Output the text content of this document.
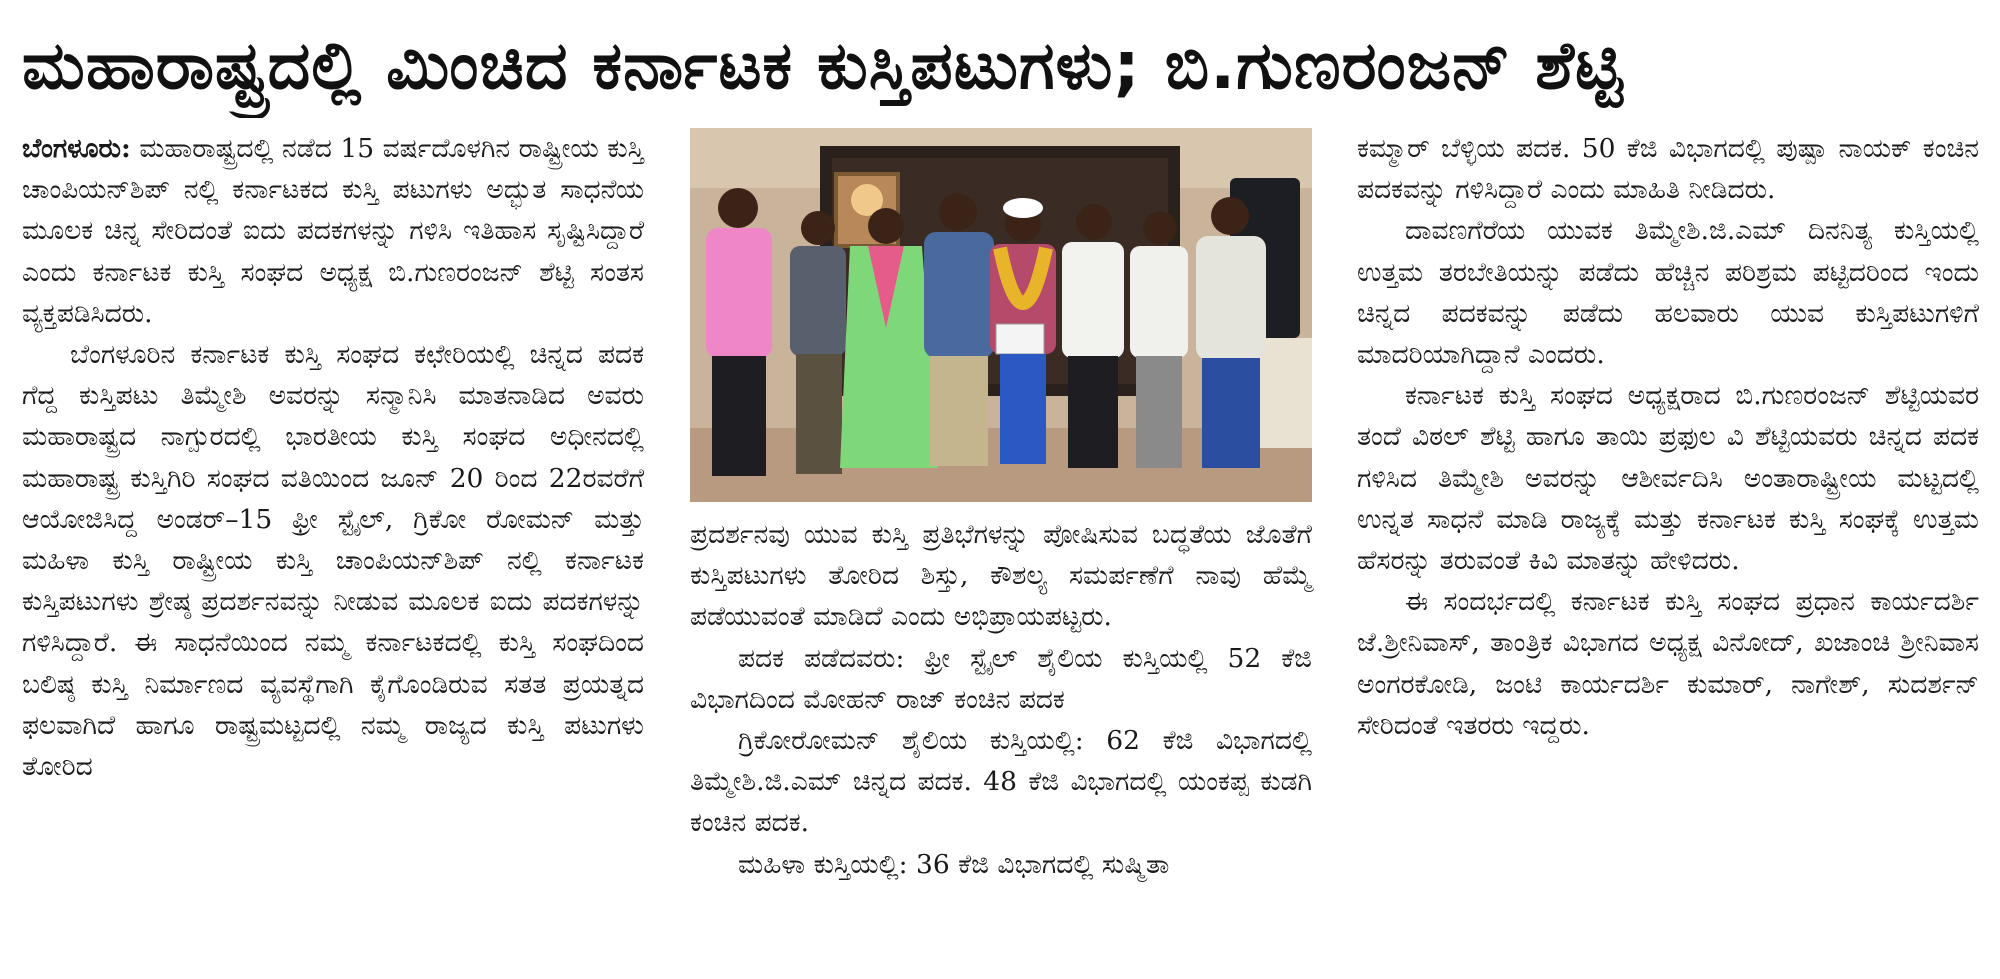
ಮಹಾರಾಷ್ಟ್ರದಲ್ಲಿ ಮಿಂಚಿದ ಕರ್ನಾಟಕ ಕುಸ್ತಿಪಟುಗಳು; ಬಿ.ಗುಣರಂಜನ್ ಶೆಟ್ಟಿ

ಬೆಂಗಳೂರು: ಮಹಾರಾಷ್ಟ್ರದಲ್ಲಿ ನಡೆದ 15 ವರ್ಷದೊಳಗಿನ ರಾಷ್ಟ್ರೀಯ ಕುಸ್ತಿ ಚಾಂಪಿಯನ್‌ಶಿಪ್ ನಲ್ಲಿ ಕರ್ನಾಟಕದ ಕುಸ್ತಿ ಪಟುಗಳು ಅದ್ಭುತ ಸಾಧನೆಯ ಮೂಲಕ ಚಿನ್ನ ಸೇರಿದಂತೆ ಐದು ಪದಕಗಳನ್ನು ಗಳಿಸಿ ಇತಿಹಾಸ ಸೃಷ್ಟಿಸಿದ್ದಾರೆ ಎಂದು ಕರ್ನಾಟಕ ಕುಸ್ತಿ ಸಂಘದ ಅಧ್ಯಕ್ಷ ಬಿ.ಗುಣರಂಜನ್ ಶೆಟ್ಟಿ ಸಂತಸ ವ್ಯಕ್ತಪಡಿಸಿದರು.

ಬೆಂಗಳೂರಿನ ಕರ್ನಾಟಕ ಕುಸ್ತಿ ಸಂಘದ ಕಛೇರಿಯಲ್ಲಿ ಚಿನ್ನದ ಪದಕ ಗೆದ್ದ ಕುಸ್ತಿಪಟು ತಿಮ್ಮೇಶಿ ಅವರನ್ನು ಸನ್ಮಾನಿಸಿ ಮಾತನಾಡಿದ ಅವರು ಮಹಾರಾಷ್ಟ್ರದ ನಾಗ್ಪುರದಲ್ಲಿ ಭಾರತೀಯ ಕುಸ್ತಿ ಸಂಘದ ಅಧೀನದಲ್ಲಿ ಮಹಾರಾಷ್ಟ್ರ ಕುಸ್ತಿಗಿರಿ ಸಂಘದ ವತಿಯಿಂದ ಜೂನ್ 20 ರಿಂದ 22ರವರೆಗೆ ಆಯೋಜಿಸಿದ್ದ ಅಂಡರ್–15 ಫ್ರೀ ಸ್ಟೈಲ್, ಗ್ರಿಕೋ ರೋಮನ್ ಮತ್ತು ಮಹಿಳಾ ಕುಸ್ತಿ ರಾಷ್ಟ್ರೀಯ ಕುಸ್ತಿ ಚಾಂಪಿಯನ್‌ಶಿಪ್ ನಲ್ಲಿ ಕರ್ನಾಟಕ ಕುಸ್ತಿಪಟುಗಳು ಶ್ರೇಷ್ಠ ಪ್ರದರ್ಶನವನ್ನು ನೀಡುವ ಮೂಲಕ ಐದು ಪದಕಗಳನ್ನು ಗಳಿಸಿದ್ದಾರೆ. ಈ ಸಾಧನೆಯಿಂದ ನಮ್ಮ ಕರ್ನಾಟಕದಲ್ಲಿ ಕುಸ್ತಿ ಸಂಘದಿಂದ ಬಲಿಷ್ಠ ಕುಸ್ತಿ ನಿರ್ಮಾಣದ ವ್ಯವಸ್ಥೆಗಾಗಿ ಕೈಗೊಂಡಿರುವ ಸತತ ಪ್ರಯತ್ನದ ಫಲವಾಗಿದೆ ಹಾಗೂ ರಾಷ್ಟ್ರಮಟ್ಟದಲ್ಲಿ ನಮ್ಮ ರಾಜ್ಯದ ಕುಸ್ತಿ ಪಟುಗಳು ತೋರಿದ

ಪ್ರದರ್ಶನವು ಯುವ ಕುಸ್ತಿ ಪ್ರತಿಭೆಗಳನ್ನು ಪೋಷಿಸುವ ಬದ್ಧತೆಯ ಜೊತೆಗೆ ಕುಸ್ತಿಪಟುಗಳು ತೋರಿದ ಶಿಸ್ತು, ಕೌಶಲ್ಯ ಸಮರ್ಪಣೆಗೆ ನಾವು ಹೆಮ್ಮೆ ಪಡೆಯುವಂತೆ ಮಾಡಿದೆ ಎಂದು ಅಭಿಪ್ರಾಯಪಟ್ಟರು.

ಪದಕ ಪಡೆದವರು: ಫ್ರೀ ಸ್ಟೈಲ್ ಶೈಲಿಯ ಕುಸ್ತಿಯಲ್ಲಿ 52 ಕೆಜಿ ವಿಭಾಗದಿಂದ ಮೋಹನ್ ರಾಜ್ ಕಂಚಿನ ಪದಕ

ಗ್ರಿಕೋರೋಮನ್ ಶೈಲಿಯ ಕುಸ್ತಿಯಲ್ಲಿ: 62 ಕೆಜಿ ವಿಭಾಗದಲ್ಲಿ ತಿಮ್ಮೇಶಿ.ಜಿ.ಎಮ್ ಚಿನ್ನದ ಪದಕ. 48 ಕೆಜಿ ವಿಭಾಗದಲ್ಲಿ ಯಂಕಪ್ಪ ಕುಡಗಿ ಕಂಚಿನ ಪದಕ.

ಮಹಿಳಾ ಕುಸ್ತಿಯಲ್ಲಿ: 36 ಕೆಜಿ ವಿಭಾಗದಲ್ಲಿ ಸುಷ್ಮಿತಾ

ಕಮ್ಮಾರ್ ಬೆಳ್ಳಿಯ ಪದಕ. 50 ಕೆಜಿ ವಿಭಾಗದಲ್ಲಿ ಪುಷ್ಪಾ ನಾಯಕ್ ಕಂಚಿನ ಪದಕವನ್ನು ಗಳಿಸಿದ್ದಾರೆ ಎಂದು ಮಾಹಿತಿ ನೀಡಿದರು.

ದಾವಣಗೆರೆಯ ಯುವಕ ತಿಮ್ಮೇಶಿ.ಜಿ.ಎಮ್ ದಿನನಿತ್ಯ ಕುಸ್ತಿಯಲ್ಲಿ ಉತ್ತಮ ತರಬೇತಿಯನ್ನು ಪಡೆದು ಹೆಚ್ಚಿನ ಪರಿಶ್ರಮ ಪಟ್ಟಿದರಿಂದ ಇಂದು ಚಿನ್ನದ ಪದಕವನ್ನು ಪಡೆದು ಹಲವಾರು ಯುವ ಕುಸ್ತಿಪಟುಗಳಿಗೆ ಮಾದರಿಯಾಗಿದ್ದಾನೆ ಎಂದರು.

ಕರ್ನಾಟಕ ಕುಸ್ತಿ ಸಂಘದ ಅಧ್ಯಕ್ಷರಾದ ಬಿ.ಗುಣರಂಜನ್ ಶೆಟ್ಟಿಯವರ ತಂದೆ ವಿಠಲ್ ಶೆಟ್ಟಿ ಹಾಗೂ ತಾಯಿ ಪ್ರಫುಲ ವಿ ಶೆಟ್ಟಿಯವರು ಚಿನ್ನದ ಪದಕ ಗಳಿಸಿದ ತಿಮ್ಮೇಶಿ ಅವರನ್ನು ಆಶೀರ್ವದಿಸಿ ಅಂತಾರಾಷ್ಟ್ರೀಯ ಮಟ್ಟದಲ್ಲಿ ಉನ್ನತ ಸಾಧನೆ ಮಾಡಿ ರಾಜ್ಯಕ್ಕೆ ಮತ್ತು ಕರ್ನಾಟಕ ಕುಸ್ತಿ ಸಂಘಕ್ಕೆ ಉತ್ತಮ ಹೆಸರನ್ನು ತರುವಂತೆ ಕಿವಿ ಮಾತನ್ನು ಹೇಳಿದರು.

ಈ ಸಂದರ್ಭದಲ್ಲಿ ಕರ್ನಾಟಕ ಕುಸ್ತಿ ಸಂಘದ ಪ್ರಧಾನ ಕಾರ್ಯದರ್ಶಿ ಜೆ.ಶ್ರೀನಿವಾಸ್, ತಾಂತ್ರಿಕ ವಿಭಾಗದ ಅಧ್ಯಕ್ಷ ವಿನೋದ್, ಖಜಾಂಚಿ ಶ್ರೀನಿವಾಸ ಅಂಗರಕೋಡಿ, ಜಂಟಿ ಕಾರ್ಯದರ್ಶಿ ಕುಮಾರ್, ನಾಗೇಶ್, ಸುದರ್ಶನ್ ಸೇರಿದಂತೆ ಇತರರು ಇದ್ದರು.
